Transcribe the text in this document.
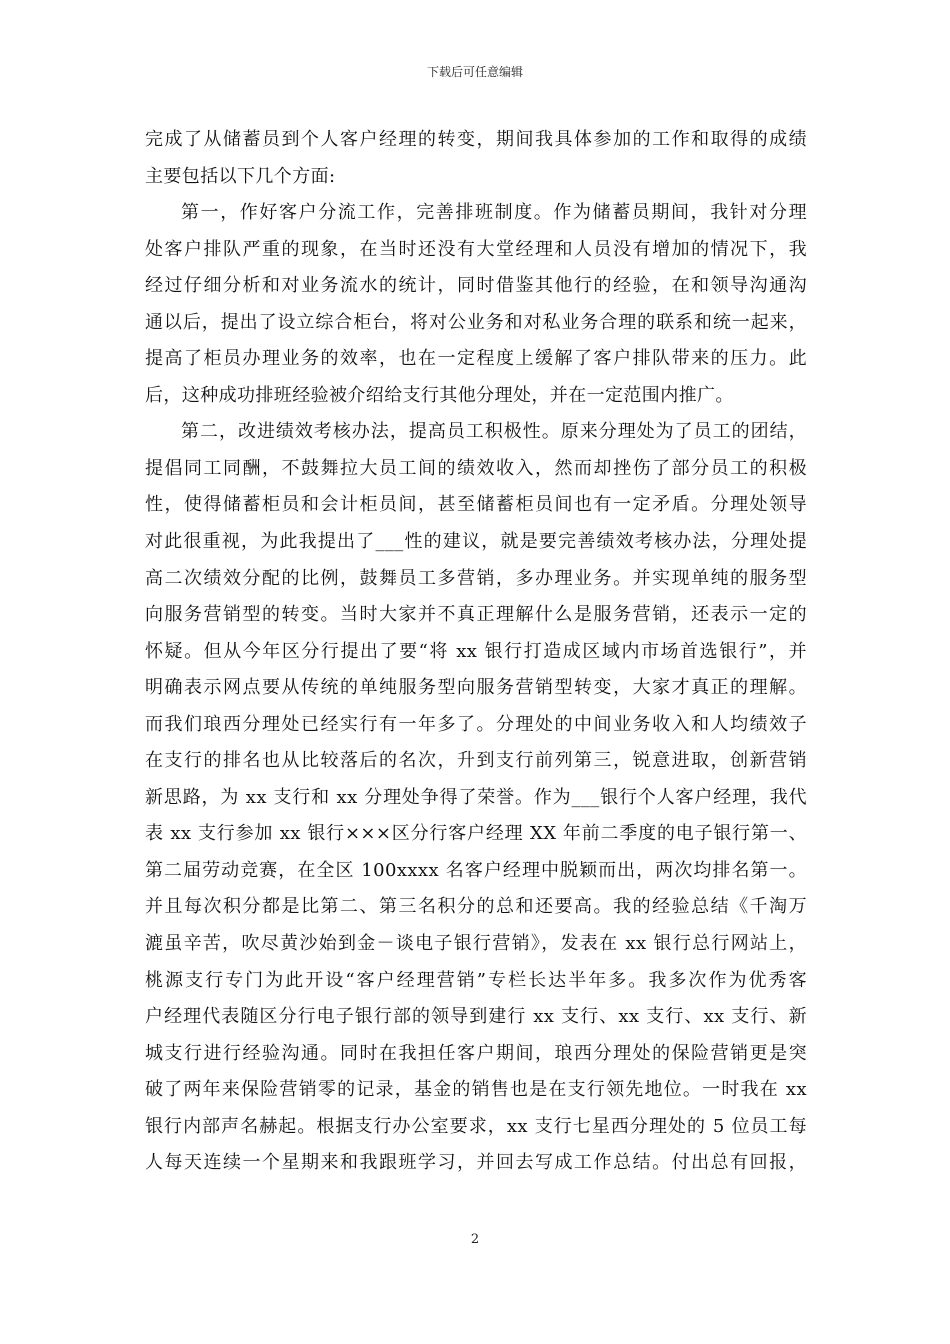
下载后可任意编辑
完成了从储蓄员到个人客户经理的转变，期间我具体参加的工作和取得的成绩
主要包括以下几个方面:
第一，作好客户分流工作，完善排班制度。作为储蓄员期间，我针对分理
处客户排队严重的现象，在当时还没有大堂经理和人员没有增加的情况下，我
经过仔细分析和对业务流水的统计，同时借鉴其他行的经验，在和领导沟通沟
通以后，提出了设立综合柜台，将对公业务和对私业务合理的联系和统一起来，
提高了柜员办理业务的效率，也在一定程度上缓解了客户排队带来的压力。此
后，这种成功排班经验被介绍给支行其他分理处，并在一定范围内推广。
第二，改进绩效考核办法，提高员工积极性。原来分理处为了员工的团结，
提倡同工同酬，不鼓舞拉大员工间的绩效收入，然而却挫伤了部分员工的积极
性，使得储蓄柜员和会计柜员间，甚至储蓄柜员间也有一定矛盾。分理处领导
对此很重视，为此我提出了___性的建议，就是要完善绩效考核办法，分理处提
高二次绩效分配的比例，鼓舞员工多营销，多办理业务。并实现单纯的服务型
向服务营销型的转变。当时大家并不真正理解什么是服务营销，还表示一定的
怀疑。但从今年区分行提出了要“将 xx 银行打造成区域内市场首选银行”，并
明确表示网点要从传统的单纯服务型向服务营销型转变，大家才真正的理解。
而我们琅西分理处已经实行有一年多了。分理处的中间业务收入和人均绩效子
在支行的排名也从比较落后的名次，升到支行前列第三，锐意进取，创新营销
新思路，为 xx 支行和 xx 分理处争得了荣誉。作为___银行个人客户经理，我代
表 xx 支行参加 xx 银行×××区分行客户经理 XX 年前二季度的电子银行第一、
第二届劳动竞赛，在全区 100xxxx 名客户经理中脱颖而出，两次均排名第一。
并且每次积分都是比第二、第三名积分的总和还要高。我的经验总结《千淘万
漉虽辛苦，吹尽黄沙始到金－谈电子银行营销》，发表在 xx 银行总行网站上，
桃源支行专门为此开设“客户经理营销”专栏长达半年多。我多次作为优秀客
户经理代表随区分行电子银行部的领导到建行 xx 支行、xx 支行、xx 支行、新
城支行进行经验沟通。同时在我担任客户期间，琅西分理处的保险营销更是突
破了两年来保险营销零的记录，基金的销售也是在支行领先地位。一时我在 xx
银行内部声名赫起。根据支行办公室要求，xx 支行七星西分理处的 5 位员工每
人每天连续一个星期来和我跟班学习，并回去写成工作总结。付出总有回报，
2
